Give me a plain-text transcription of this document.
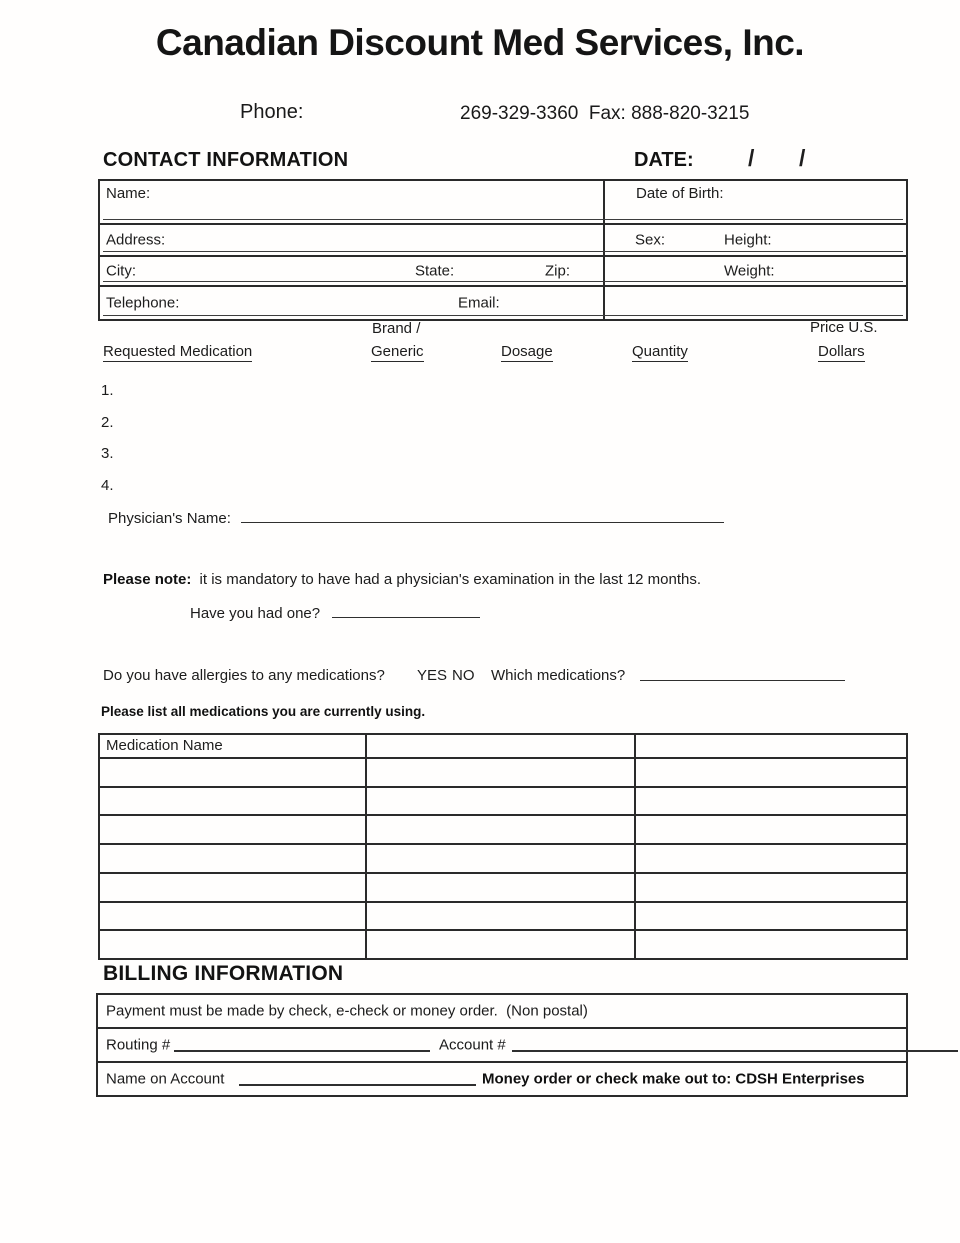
Canadian Discount Med Services, Inc.
Phone:	269-329-3360  Fax: 888-820-3215
CONTACT INFORMATION	DATE: / /
Name:	Date of Birth:
Address:	Sex:	Height:
City:	State:	Zip:	Weight:
Telephone:	Email:
Brand /	Price U.S.
Requested Medication	Generic	Dosage	Quantity	Dollars
1.
2.
3.
4.
Physician's Name:
Please note: it is mandatory to have had a physician's examination in the last 12 months.
Have you had one?
Do you have allergies to any medications? YES NO Which medications?
Please list all medications you are currently using.
Medication Name
BILLING INFORMATION
Payment must be made by check, e-check or money order.  (Non postal)
Routing #	Account #
Name on Account	Money order or check make out to: CDSH Enterprises
